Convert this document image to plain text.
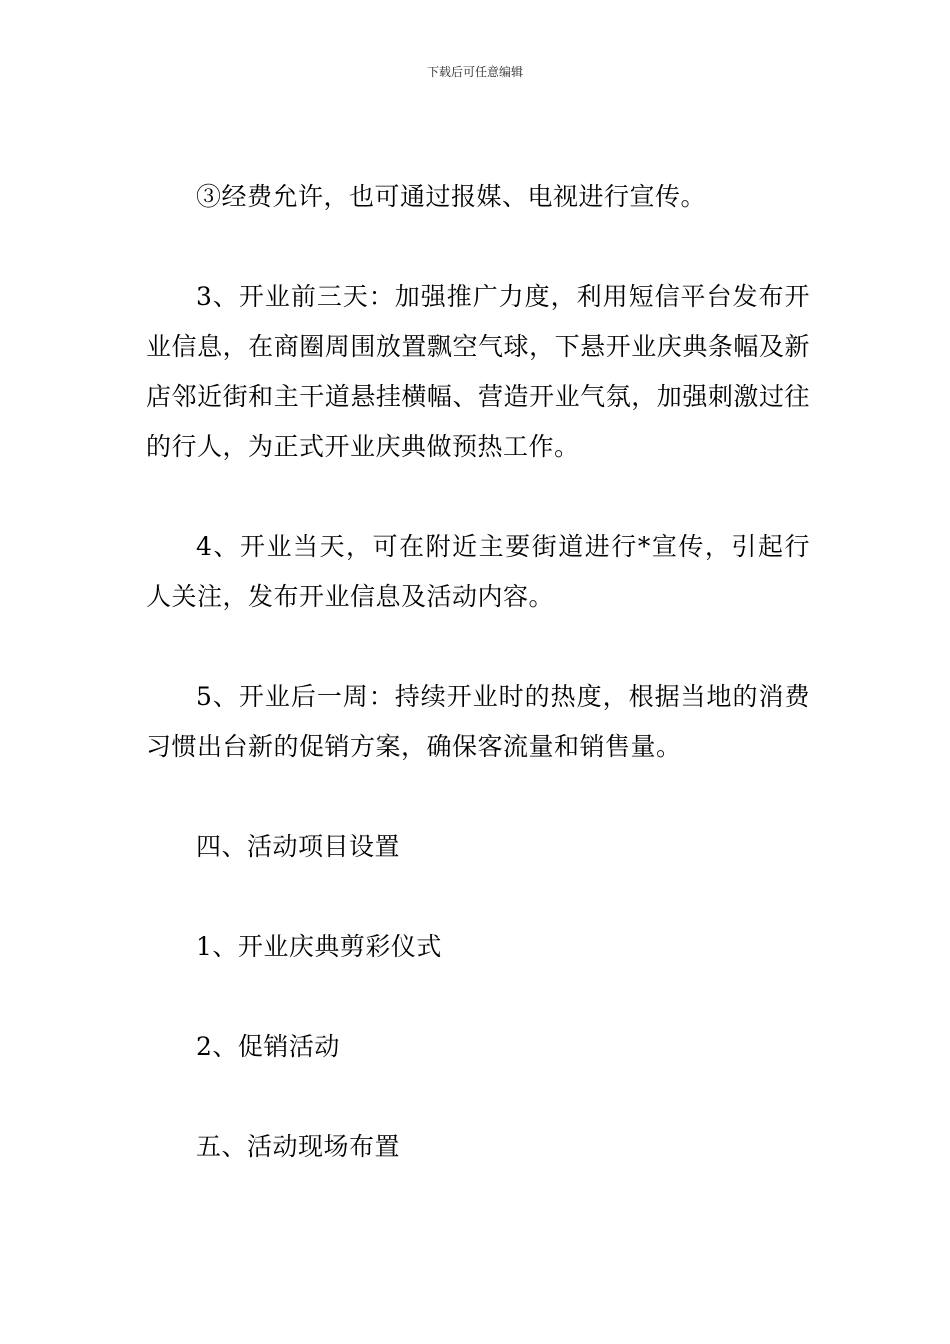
下载后可任意编辑

③经费允许，也可通过报媒、电视进行宣传。

3、开业前三天：加强推广力度，利用短信平台发布开业信息，在商圈周围放置飘空气球，下悬开业庆典条幅及新店邻近街和主干道悬挂横幅、营造开业气氛，加强刺激过往的行人，为正式开业庆典做预热工作。

4、开业当天，可在附近主要街道进行*宣传，引起行人关注，发布开业信息及活动内容。

5、开业后一周：持续开业时的热度，根据当地的消费习惯出台新的促销方案，确保客流量和销售量。

四、活动项目设置

1、开业庆典剪彩仪式

2、促销活动

五、活动现场布置
